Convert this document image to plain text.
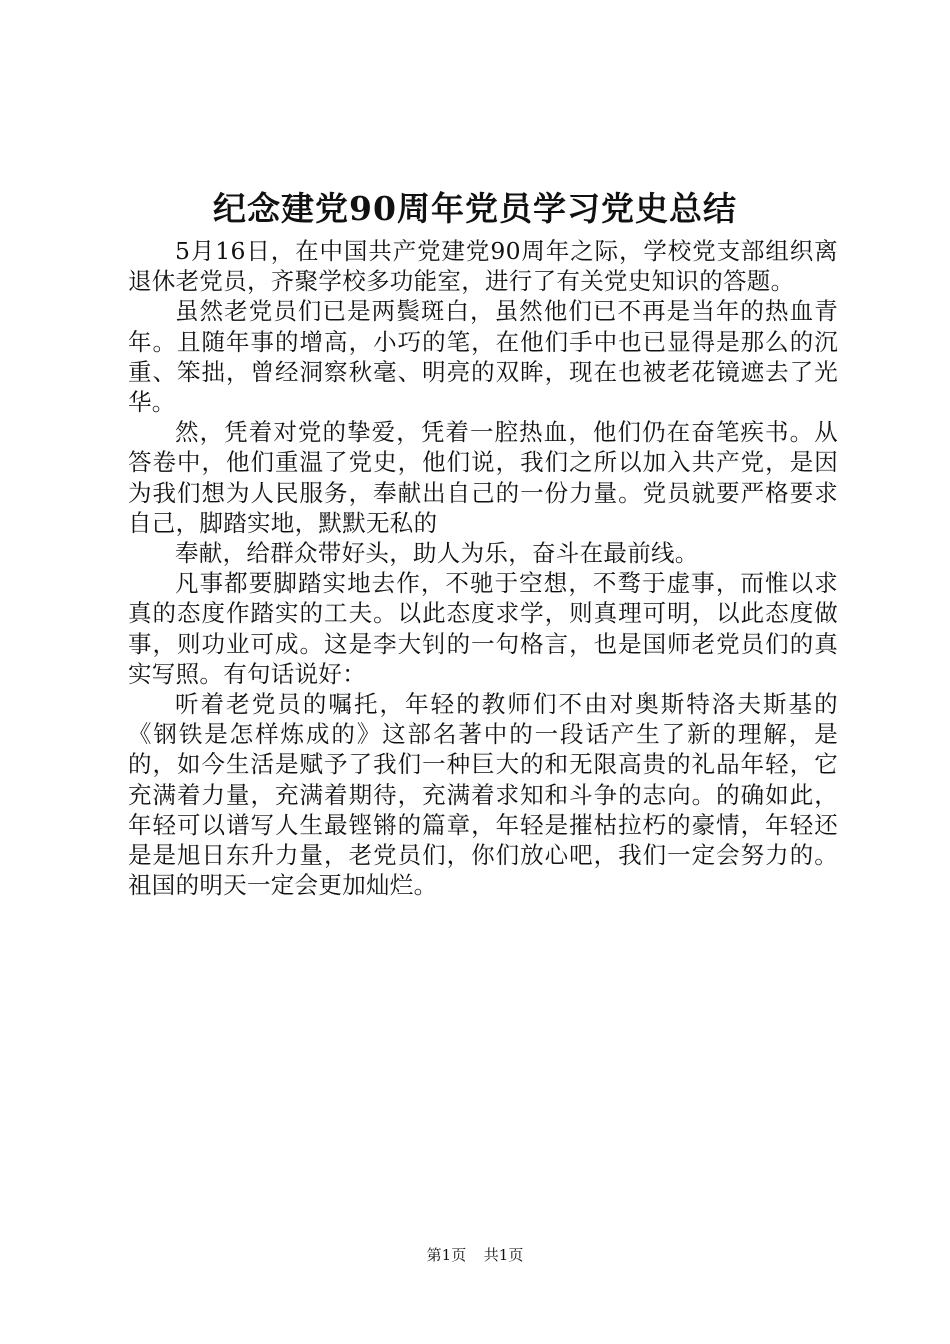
纪念建党90周年党员学习党史总结

5月16日，在中国共产党建党90周年之际，学校党支部组织离退休老党员，齐聚学校多功能室，进行了有关党史知识的答题。

虽然老党员们已是两鬓斑白，虽然他们已不再是当年的热血青年。且随年事的增高，小巧的笔，在他们手中也已显得是那么的沉重、笨拙，曾经洞察秋毫、明亮的双眸，现在也被老花镜遮去了光华。

然，凭着对党的挚爱，凭着一腔热血，他们仍在奋笔疾书。从答卷中，他们重温了党史，他们说，我们之所以加入共产党，是因为我们想为人民服务，奉献出自己的一份力量。党员就要严格要求自己，脚踏实地，默默无私的

奉献，给群众带好头，助人为乐，奋斗在最前线。

凡事都要脚踏实地去作，不驰于空想，不骛于虚事，而惟以求真的态度作踏实的工夫。以此态度求学，则真理可明，以此态度做事，则功业可成。这是李大钊的一句格言，也是国师老党员们的真实写照。有句话说好：

听着老党员的嘱托，年轻的教师们不由对奥斯特洛夫斯基的《钢铁是怎样炼成的》这部名著中的一段话产生了新的理解，是的，如今生活是赋予了我们一种巨大的和无限高贵的礼品年轻，它充满着力量，充满着期待，充满着求知和斗争的志向。的确如此，年轻可以谱写人生最铿锵的篇章，年轻是摧枯拉朽的豪情，年轻还是是旭日东升力量，老党员们，你们放心吧，我们一定会努力的。祖国的明天一定会更加灿烂。

第1页 共1页
